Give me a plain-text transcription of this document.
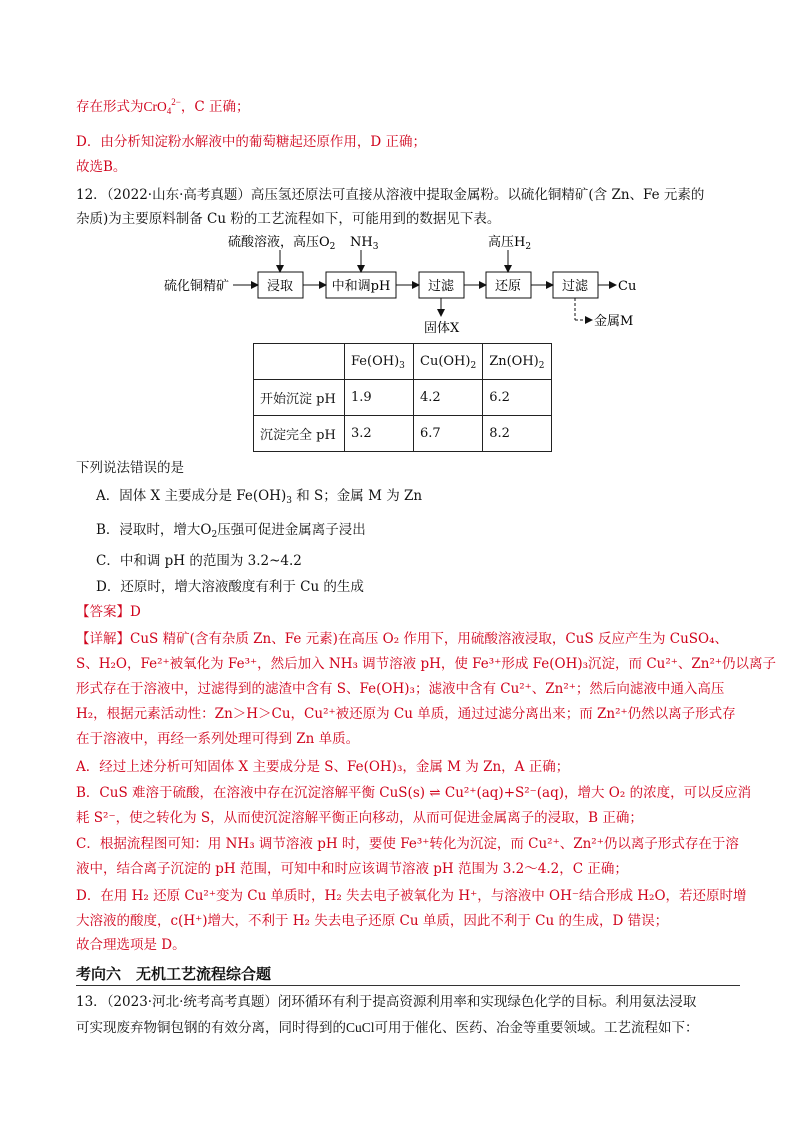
存在形式为CrO$_4^{2-}$，C 正确；
D．由分析知淀粉水解液中的葡萄糖起还原作用，D 正确；
故选B。
12．（2022·山东·高考真题）高压氢还原法可直接从溶液中提取金属粉。以硫化铜精矿(含 Zn、Fe 元素的
杂质)为主要原料制备 Cu 粉的工艺流程如下，可能用到的数据见下表。
硫化铜精矿	浸取	中和调pH	过滤	还原	过滤 Cu
硫酸溶液，高压$O_2$ $NH_3$	高压$H_2$
固体X	金属M
	$Fe(OH)_3$	$Cu(OH)_2$	$Zn(OH)_2$
开始沉淀 pH	1.9	4.2	6.2
沉淀完全 pH	3.2	6.7	8.2
下列说法错误的是
A．固体 X 主要成分是 $Fe(OH)_3$ 和 S；金属 M 为 Zn
B．浸取时，增大$O_2$压强可促进金属离子浸出
C．中和调 pH 的范围为 3.2~4.2
D．还原时，增大溶液酸度有利于 Cu 的生成
【答案】D
【详解】CuS 精矿(含有杂质 Zn、Fe 元素)在高压 O₂ 作用下，用硫酸溶液浸取，CuS 反应产生为 CuSO₄、
S、H₂O，Fe²⁺被氧化为 Fe³⁺，然后加入 NH₃ 调节溶液 pH，使 Fe³⁺形成 Fe(OH)₃沉淀，而 Cu²⁺、Zn²⁺仍以离子
形式存在于溶液中，过滤得到的滤渣中含有 S、Fe(OH)₃；滤液中含有 Cu²⁺、Zn²⁺；然后向滤液中通入高压
H₂，根据元素活动性：Zn＞H＞Cu，Cu²⁺被还原为 Cu 单质，通过过滤分离出来；而 Zn²⁺仍然以离子形式存
在于溶液中，再经一系列处理可得到 Zn 单质。
A．经过上述分析可知固体 X 主要成分是 S、Fe(OH)₃，金属 M 为 Zn，A 正确；
B．CuS 难溶于硫酸，在溶液中存在沉淀溶解平衡 CuS(s) ⇌ Cu²⁺(aq)+S²⁻(aq)，增大 O₂ 的浓度，可以反应消
耗 S²⁻，使之转化为 S，从而使沉淀溶解平衡正向移动，从而可促进金属离子的浸取，B 正确；
C．根据流程图可知：用 NH₃ 调节溶液 pH 时，要使 Fe³⁺转化为沉淀，而 Cu²⁺、Zn²⁺仍以离子形式存在于溶
液中，结合离子沉淀的 pH 范围，可知中和时应该调节溶液 pH 范围为 3.2～4.2，C 正确；
D．在用 H₂ 还原 Cu²⁺变为 Cu 单质时，H₂ 失去电子被氧化为 H⁺，与溶液中 OH⁻结合形成 H₂O，若还原时增
大溶液的酸度，c(H⁺)增大，不利于 H₂ 失去电子还原 Cu 单质，因此不利于 Cu 的生成，D 错误；
故合理选项是 D。
考向六　无机工艺流程综合题
13．（2023·河北·统考高考真题）闭环循环有利于提高资源利用率和实现绿色化学的目标。利用氨法浸取
可实现废弃物铜包钢的有效分离，同时得到的CuCl可用于催化、医药、冶金等重要领域。工艺流程如下：
